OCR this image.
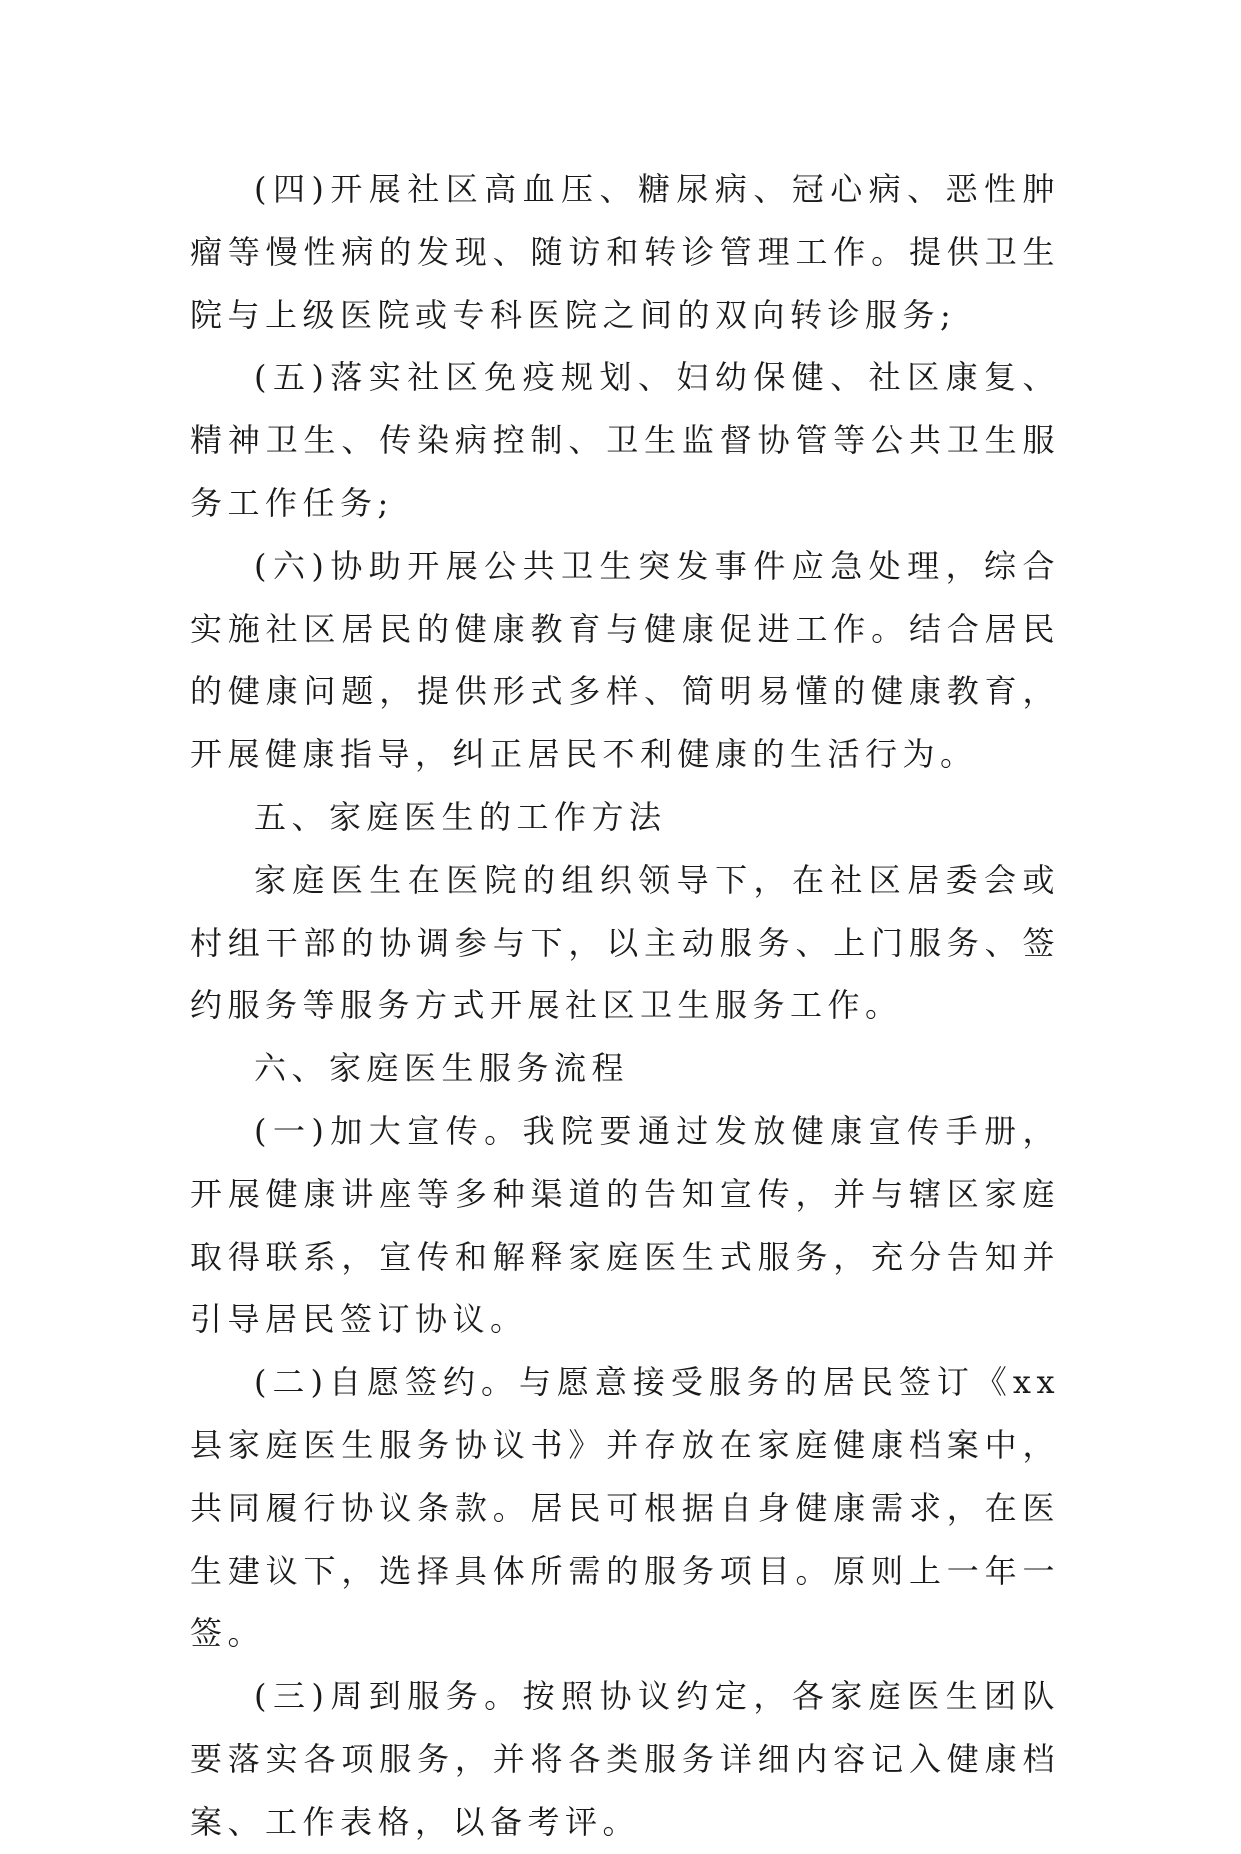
(四)开展社区高血压、糖尿病、冠心病、恶性肿瘤等慢性病的发现、随访和转诊管理工作。提供卫生院与上级医院或专科医院之间的双向转诊服务;

(五)落实社区免疫规划、妇幼保健、社区康复、精神卫生、传染病控制、卫生监督协管等公共卫生服务工作任务;

(六)协助开展公共卫生突发事件应急处理，综合实施社区居民的健康教育与健康促进工作。结合居民的健康问题，提供形式多样、简明易懂的健康教育，开展健康指导，纠正居民不利健康的生活行为。

五、家庭医生的工作方法

家庭医生在医院的组织领导下，在社区居委会或村组干部的协调参与下，以主动服务、上门服务、签约服务等服务方式开展社区卫生服务工作。

六、家庭医生服务流程

(一)加大宣传。我院要通过发放健康宣传手册，开展健康讲座等多种渠道的告知宣传，并与辖区家庭取得联系，宣传和解释家庭医生式服务，充分告知并引导居民签订协议。

(二)自愿签约。与愿意接受服务的居民签订《xx县家庭医生服务协议书》并存放在家庭健康档案中，共同履行协议条款。居民可根据自身健康需求，在医生建议下，选择具体所需的服务项目。原则上一年一签。

(三)周到服务。按照协议约定，各家庭医生团队要落实各项服务，并将各类服务详细内容记入健康档案、工作表格，以备考评。
